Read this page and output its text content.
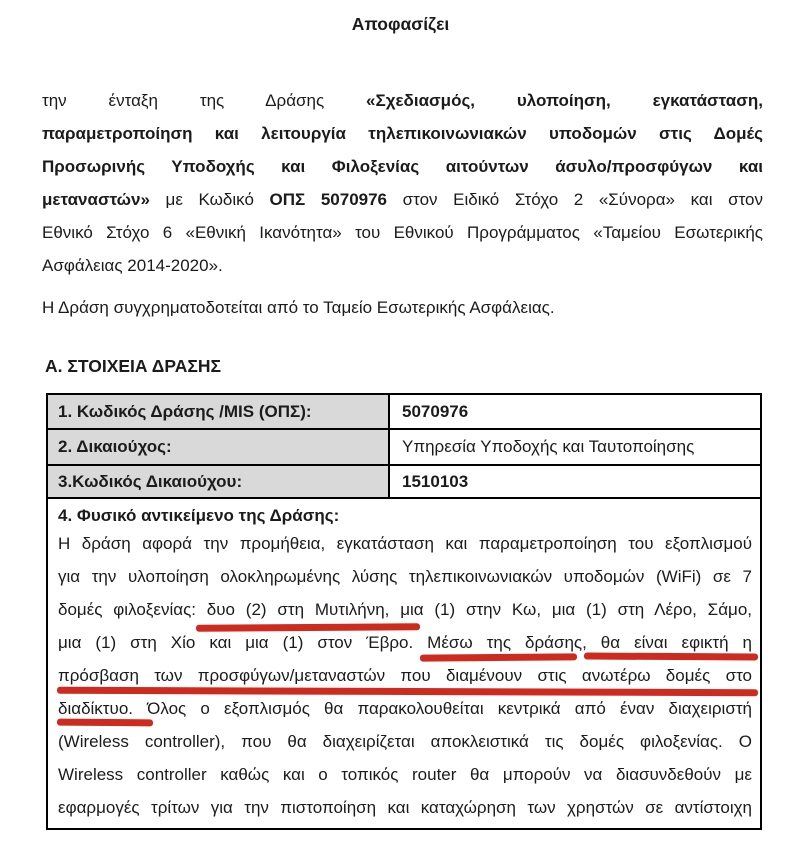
Αποφασίζει
την ένταξη της Δράσης «Σχεδιασμός, υλοποίηση, εγκατάσταση,
παραμετροποίηση και λειτουργία τηλεπικοινωνιακών υποδομών στις Δομές
Προσωρινής Υποδοχής και Φιλοξενίας αιτούντων άσυλο/προσφύγων και
μεταναστών» με Κωδικό ΟΠΣ 5070976 στον Ειδικό Στόχο 2 «Σύνορα» και στον
Εθνικό Στόχο 6 «Εθνική Ικανότητα» του Εθνικού Προγράμματος «Ταμείου Εσωτερικής
Ασφάλειας 2014-2020».
Η Δράση συγχρηματοδοτείται από το Ταμείο Εσωτερικής Ασφάλειας.
Α. ΣΤΟΙΧΕΙΑ ΔΡΑΣΗΣ
1. Κωδικός Δράσης /MIS (ΟΠΣ):	5070976
2. Δικαιούχος:	Υπηρεσία Υποδοχής και Ταυτοποίησης
3.Κωδικός Δικαιούχου:	1510103
4. Φυσικό αντικείμενο της Δράσης:
Η δράση αφορά την προμήθεια, εγκατάσταση και παραμετροποίηση του εξοπλισμού
για την υλοποίηση ολοκληρωμένης λύσης τηλεπικοινωνιακών υποδομών (WiFi) σε 7
δομές φιλοξενίας: δυο (2) στη Μυτιλήνη, μια (1) στην Κω, μια (1) στη Λέρο, Σάμο,
μια (1) στη Χίο και μια (1) στον Έβρο. Μέσω της δράσης, θα είναι εφικτή η
πρόσβαση των προσφύγων/μεταναστών που διαμένουν στις ανωτέρω δομές στο
διαδίκτυο. Όλος ο εξοπλισμός θα παρακολουθείται κεντρικά από έναν διαχειριστή
(Wireless controller), που θα διαχειρίζεται αποκλειστικά τις δομές φιλοξενίας. Ο
Wireless controller καθώς και ο τοπικός router θα μπορούν να διασυνδεθούν με
εφαρμογές τρίτων για την πιστοποίηση και καταχώρηση των χρηστών σε αντίστοιχη
